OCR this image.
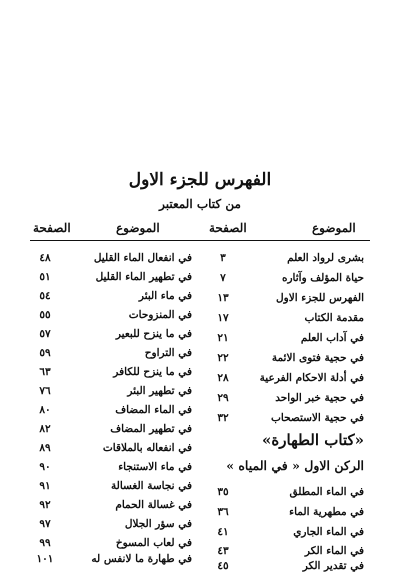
الفهرس للجزء الاول
من كتاب المعتبر
الموضوع
الصفحة
الموضوع
الصفحة
بشرى لرواد العلم
٣
حياة المؤلف وآثاره
٧
الفهرس للجزء الاول
١٣
مقدمة الكتاب
١٧
في آداب العلم
٢١
في حجية فتوى الائمة
٢٢
في أدلة الاحكام الفرعية
٢٨
في حجية خبر الواحد
٢٩
في حجية الاستصحاب
٣٢
«كتاب الطهارة»
الركن الاول « في المياه »
في الماء المطلق
٣٥
في مطهرية الماء
٣٦
في الماء الجاري
٤١
في الماء الكر
٤٣
في تقدير الكر
٤٥
في انفعال الماء القليل
٤٨
في تطهير الماء القليل
٥١
في ماء البئر
٥٤
في المنزوحات
٥٥
في ما ينزح للبعير
٥٧
في التراوح
٥٩
في ما ينزح للكافر
٦٣
في تطهير البئر
٧٦
في الماء المضاف
٨٠
في تطهير المضاف
٨٢
في انفعاله بالملاقات
٨٩
في ماء الاستنجاء
٩٠
في نجاسة الغسالة
٩١
في غسالة الحمام
٩٢
في سؤر الجلال
٩٧
في لعاب المسوخ
٩٩
في طهارة ما لانفس له
١٠١
